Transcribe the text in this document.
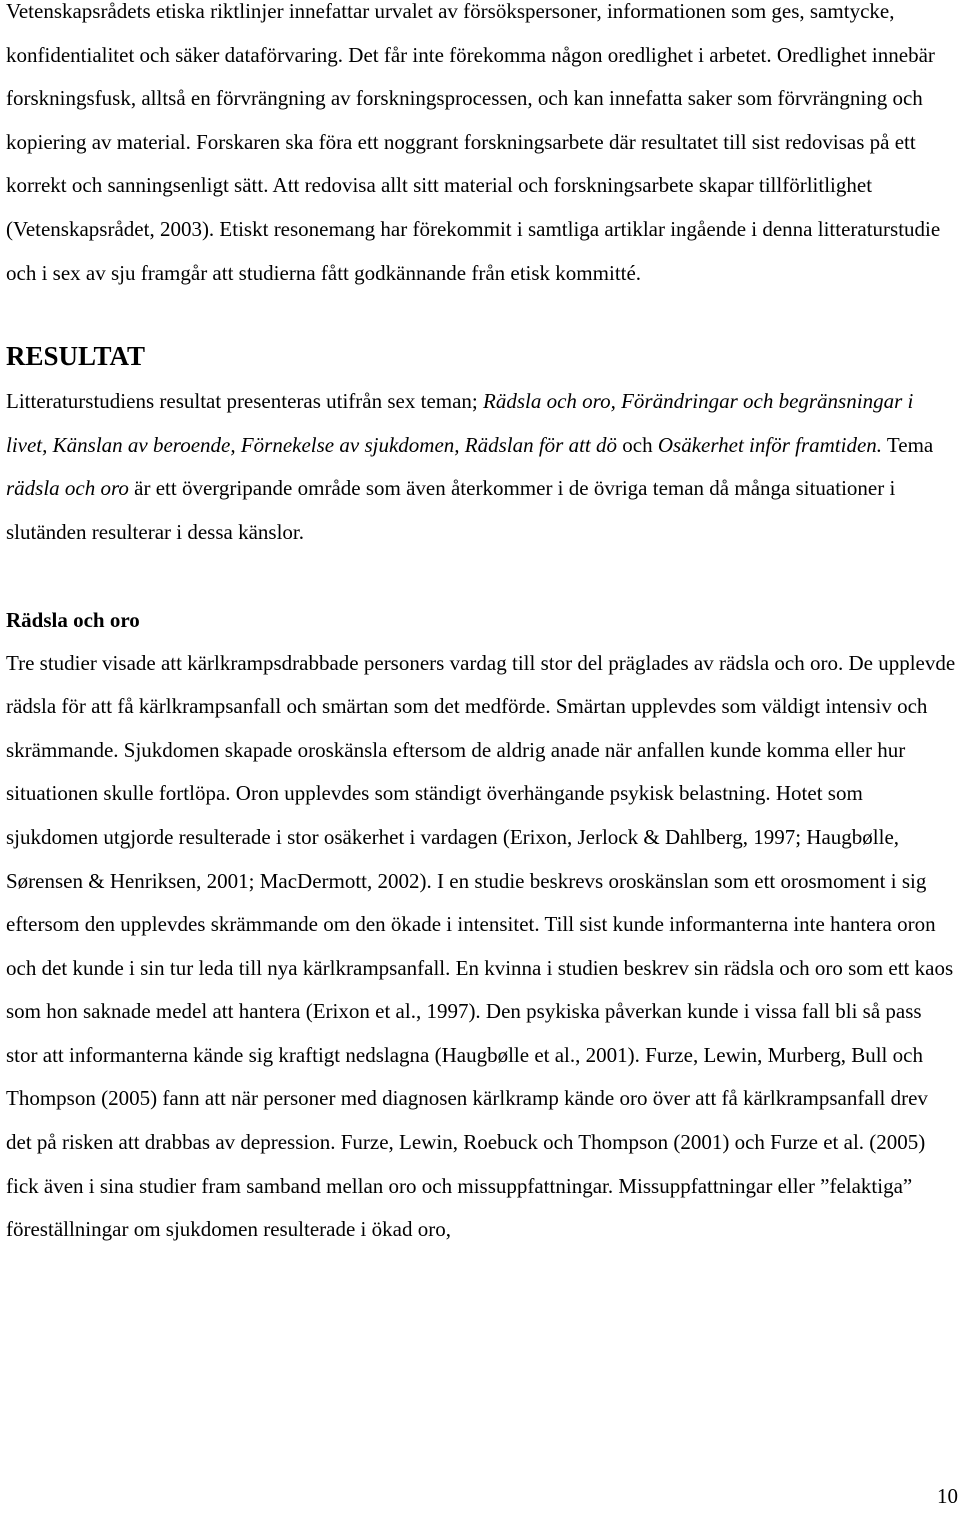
Vetenskapsrådets etiska riktlinjer innefattar urvalet av försökspersoner, informationen som ges, samtycke, konfidentialitet och säker dataförvaring. Det får inte förekomma någon oredlighet i arbetet. Oredlighet innebär forskningsfusk, alltså en förvrängning av forskningsprocessen, och kan innefatta saker som förvrängning och kopiering av material. Forskaren ska föra ett noggrant forskningsarbete där resultatet till sist redovisas på ett korrekt och sanningsenligt sätt. Att redovisa allt sitt material och forskningsarbete skapar tillförlitlighet (Vetenskapsrådet, 2003). Etiskt resonemang har förekommit i samtliga artiklar ingående i denna litteraturstudie och i sex av sju framgår att studierna fått godkännande från etisk kommitté.

RESULTAT

Litteraturstudiens resultat presenteras utifrån sex teman; Rädsla och oro, Förändringar och begränsningar i livet, Känslan av beroende, Förnekelse av sjukdomen, Rädslan för att dö och Osäkerhet inför framtiden. Tema rädsla och oro är ett övergripande område som även återkommer i de övriga teman då många situationer i slutänden resulterar i dessa känslor.

Rädsla och oro

Tre studier visade att kärlkrampsdrabbade personers vardag till stor del präglades av rädsla och oro. De upplevde rädsla för att få kärlkrampsanfall och smärtan som det medförde. Smärtan upplevdes som väldigt intensiv och skrämmande. Sjukdomen skapade oroskänsla eftersom de aldrig anade när anfallen kunde komma eller hur situationen skulle fortlöpa. Oron upplevdes som ständigt överhängande psykisk belastning. Hotet som sjukdomen utgjorde resulterade i stor osäkerhet i vardagen (Erixon, Jerlock & Dahlberg, 1997; Haugbølle, Sørensen & Henriksen, 2001; MacDermott, 2002). I en studie beskrevs oroskänslan som ett orosmoment i sig eftersom den upplevdes skrämmande om den ökade i intensitet. Till sist kunde informanterna inte hantera oron och det kunde i sin tur leda till nya kärlkrampsanfall. En kvinna i studien beskrev sin rädsla och oro som ett kaos som hon saknade medel att hantera (Erixon et al., 1997). Den psykiska påverkan kunde i vissa fall bli så pass stor att informanterna kände sig kraftigt nedslagna (Haugbølle et al., 2001). Furze, Lewin, Murberg, Bull och Thompson (2005) fann att när personer med diagnosen kärlkramp kände oro över att få kärlkrampsanfall drev det på risken att drabbas av depression. Furze, Lewin, Roebuck och Thompson (2001) och Furze et al. (2005) fick även i sina studier fram samband mellan oro och missuppfattningar. Missuppfattningar eller ”felaktiga” föreställningar om sjukdomen resulterade i ökad oro,

10
